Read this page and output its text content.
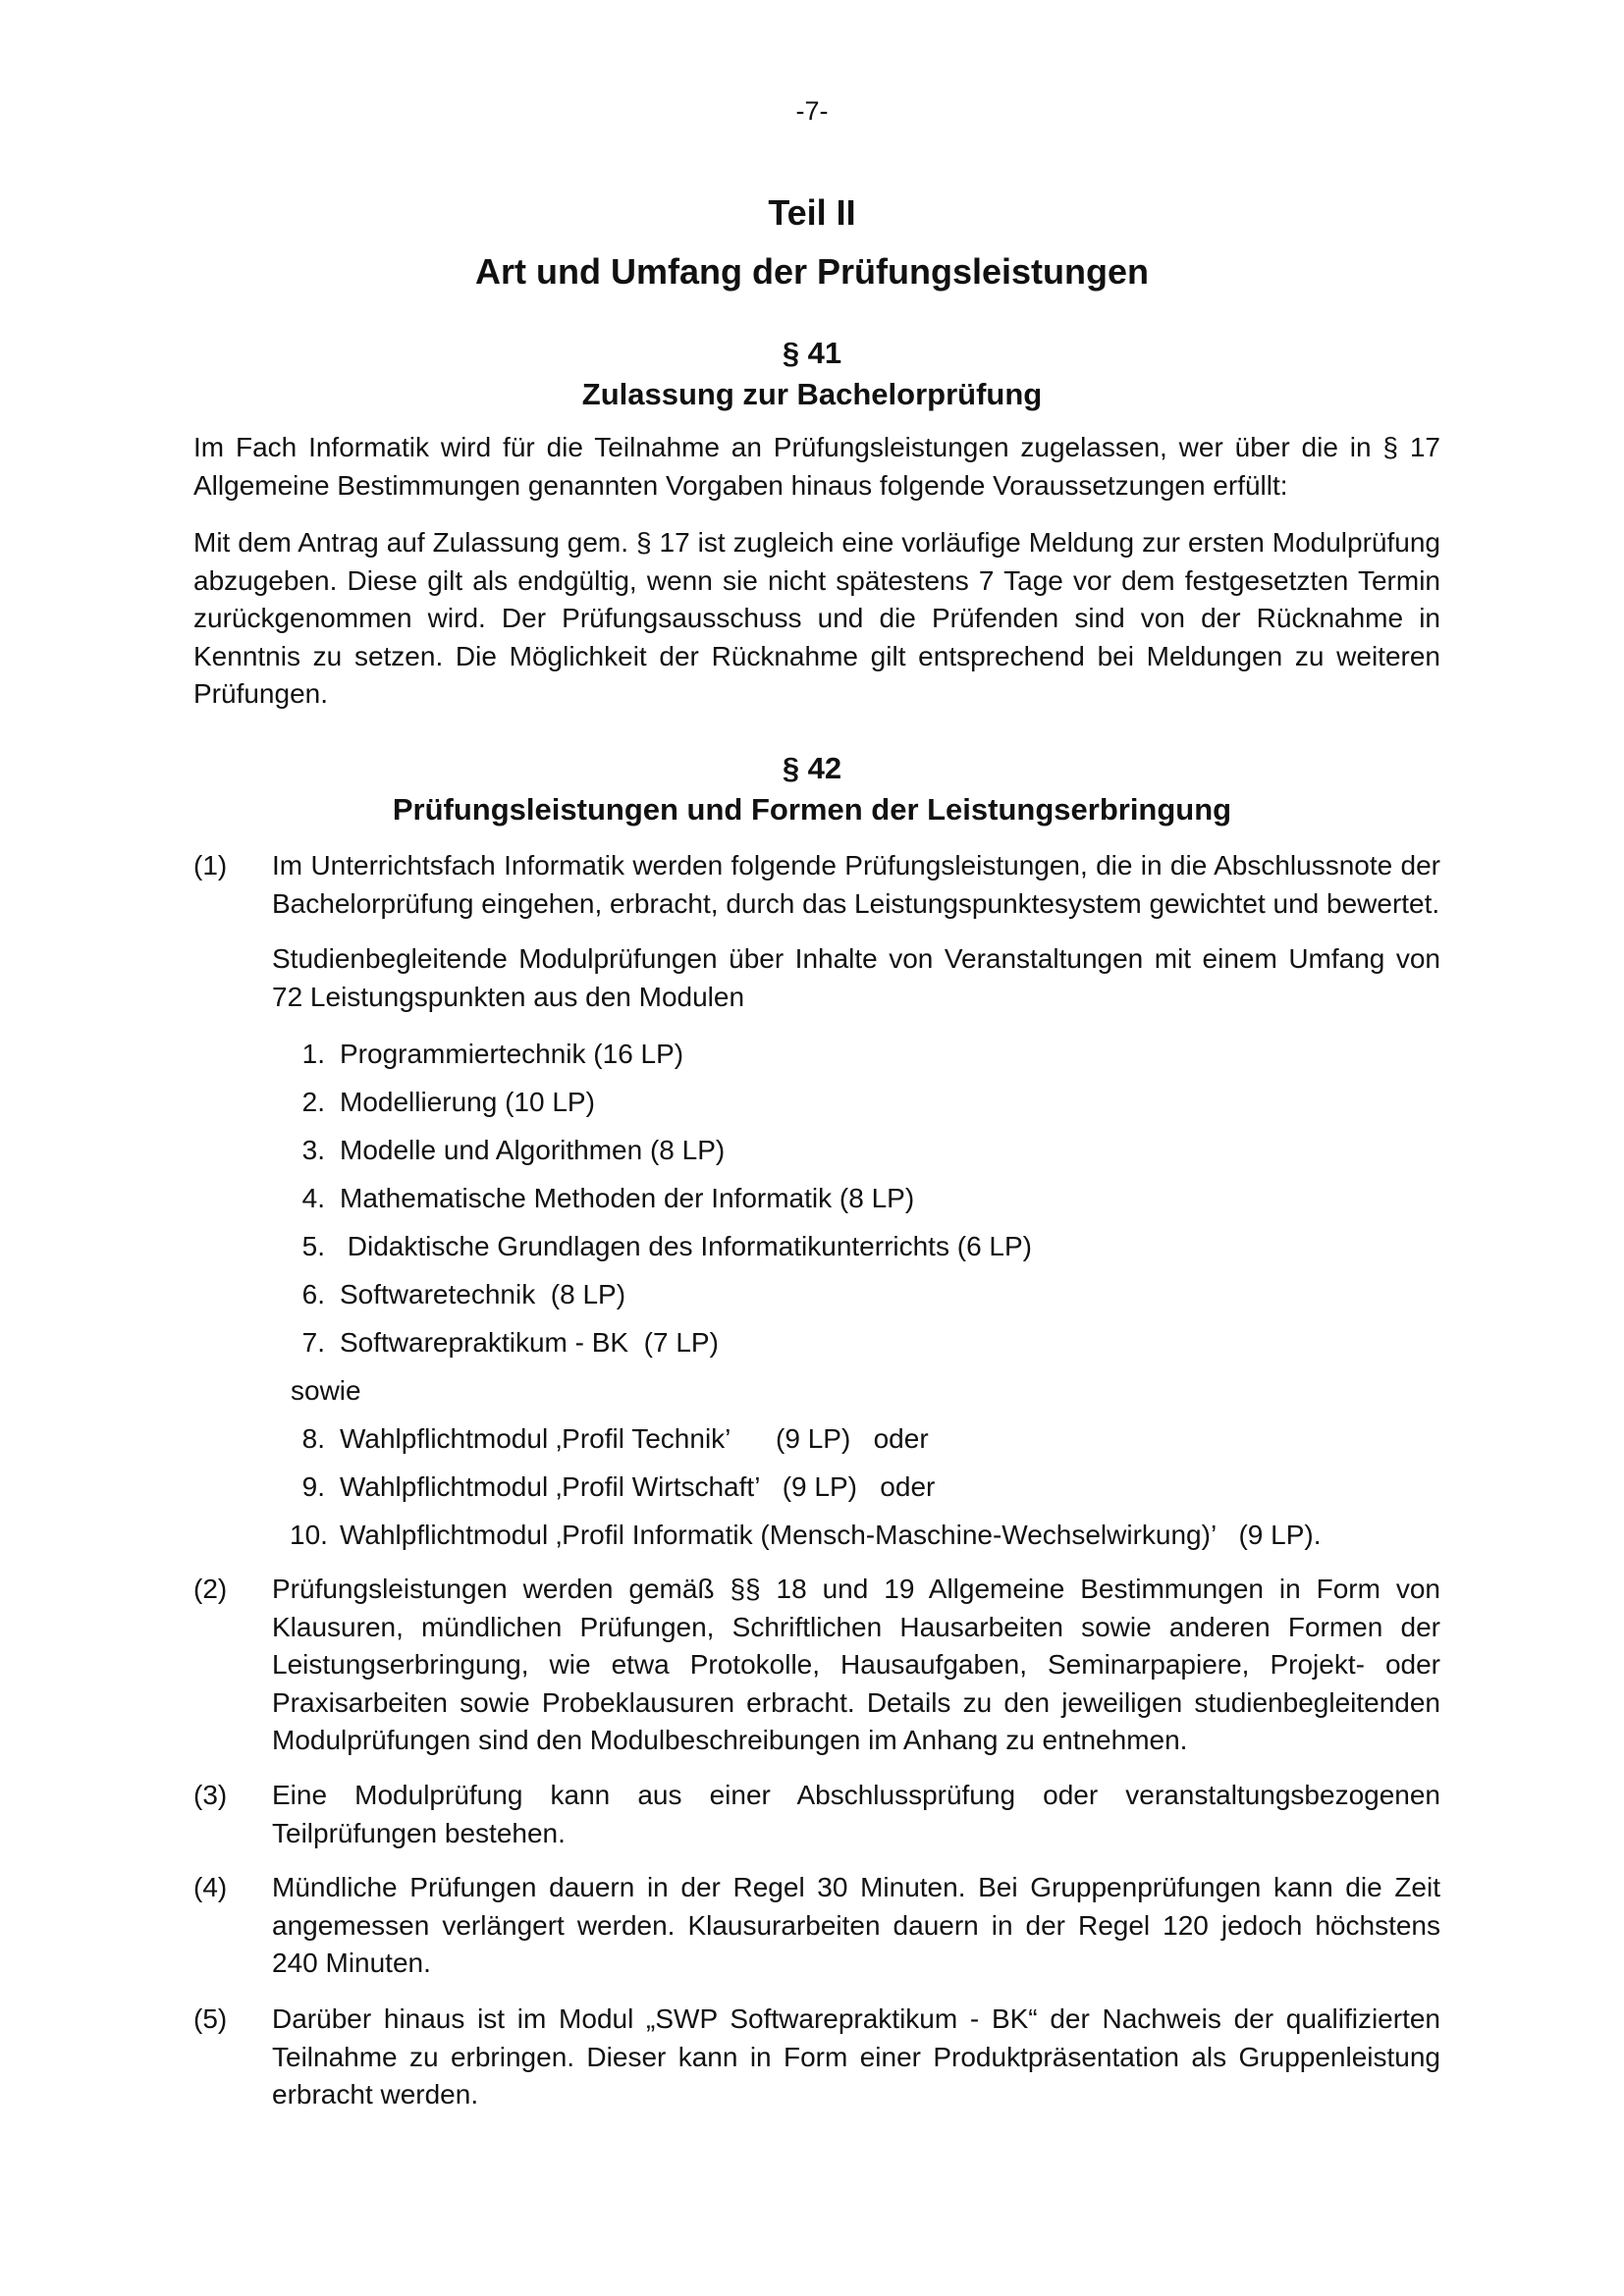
-7-
Teil II
Art und Umfang der Prüfungsleistungen
§ 41
Zulassung zur Bachelorprüfung
Im Fach Informatik wird für die Teilnahme an Prüfungsleistungen zugelassen, wer über die in § 17 Allgemeine Bestimmungen genannten Vorgaben hinaus folgende Voraussetzungen erfüllt:
Mit dem Antrag auf Zulassung gem. § 17 ist zugleich eine vorläufige Meldung zur ersten Modulprüfung abzugeben. Diese gilt als endgültig, wenn sie nicht spätestens 7 Tage vor dem festgesetzten Termin zurückgenommen wird. Der Prüfungsausschuss und die Prüfenden sind von der Rücknahme in Kenntnis zu setzen. Die Möglichkeit der Rücknahme gilt entsprechend bei Meldungen zu weiteren Prüfungen.
§ 42
Prüfungsleistungen und Formen der Leistungserbringung
(1) Im Unterrichtsfach Informatik werden folgende Prüfungsleistungen, die in die Abschlussnote der Bachelorprüfung eingehen, erbracht, durch das Leistungspunktesystem gewichtet und bewertet.
Studienbegleitende Modulprüfungen über Inhalte von Veranstaltungen mit einem Umfang von 72 Leistungspunkten aus den Modulen
1. Programmiertechnik (16 LP)
2. Modellierung (10 LP)
3. Modelle und Algorithmen (8 LP)
4. Mathematische Methoden der Informatik (8 LP)
5. Didaktische Grundlagen des Informatikunterrichts (6 LP)
6. Softwaretechnik  (8 LP)
7. Softwarepraktikum - BK  (7 LP)
sowie
8. Wahlpflichtmodul ‚Profil Technik’      (9 LP)   oder
9. Wahlpflichtmodul ‚Profil Wirtschaft’   (9 LP)   oder
10. Wahlpflichtmodul ‚Profil Informatik (Mensch-Maschine-Wechselwirkung)’   (9 LP).
(2) Prüfungsleistungen werden gemäß §§ 18 und 19 Allgemeine Bestimmungen in Form von Klausuren, mündlichen Prüfungen, Schriftlichen Hausarbeiten sowie anderen Formen der Leistungserbringung, wie etwa Protokolle, Hausaufgaben, Seminarpapiere, Projekt- oder Praxisarbeiten sowie Probeklausuren erbracht. Details zu den jeweiligen studienbegleitenden Modulprüfungen sind den Modulbeschreibungen im Anhang zu entnehmen.
(3) Eine Modulprüfung kann aus einer Abschlussprüfung oder veranstaltungsbezogenen Teilprüfungen bestehen.
(4) Mündliche Prüfungen dauern in der Regel 30 Minuten. Bei Gruppenprüfungen kann die Zeit angemessen verlängert werden. Klausurarbeiten dauern in der Regel 120 jedoch höchstens 240 Minuten.
(5) Darüber hinaus ist im Modul „SWP Softwarepraktikum - BK“ der Nachweis der qualifizierten Teilnahme zu erbringen. Dieser kann in Form einer Produktpräsentation als Gruppenleistung erbracht werden.
